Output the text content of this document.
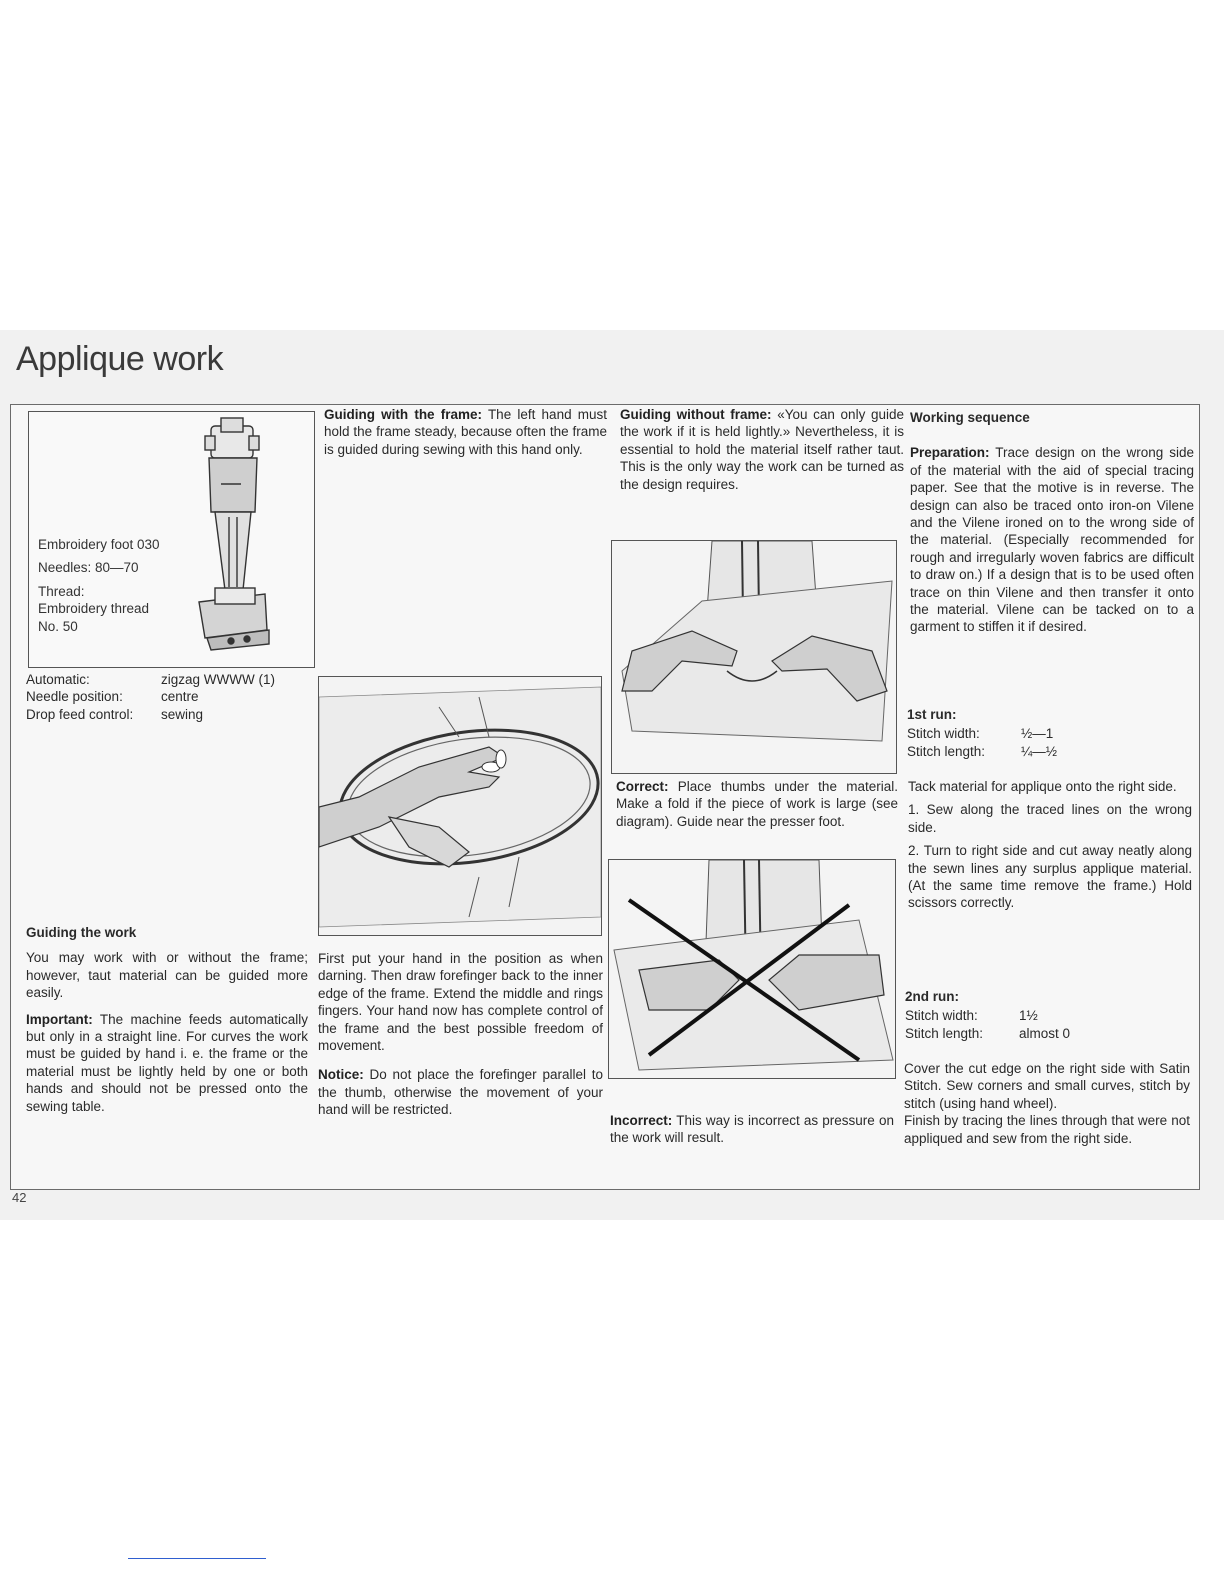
Applique work
Embroidery foot 030
Needles: 80—70
Thread:
Embroidery thread
No. 50
Automatic:	zigzag WWWW (1)
Needle position:	centre
Drop feed control:	sewing

Guiding the work

You may work with or without the frame; however, taut material can be guided more easily.

Important: The machine feeds automatically but only in a straight line. For curves the work must be guided by hand i. e. the frame or the material must be lightly held by one or both hands and should not be pressed onto the sewing table.

Guiding with the frame: The left hand must hold the frame steady, because often the frame is guided during sewing with this hand only.

First put your hand in the position as when darning. Then draw forefinger back to the inner edge of the frame. Extend the middle and rings fingers. Your hand now has complete control of the frame and the best possible freedom of movement.

Notice: Do not place the forefinger parallel to the thumb, otherwise the movement of your hand will be restricted.

Guiding without frame: «You can only guide the work if it is held lightly.» Nevertheless, it is essential to hold the material itself rather taut. This is the only way the work can be turned as the design requires.

Correct: Place thumbs under the material. Make a fold if the piece of work is large (see diagram). Guide near the presser foot.

Incorrect: This way is incorrect as pressure on the work will result.

Working sequence

Preparation: Trace design on the wrong side of the material with the aid of special tracing paper. See that the motive is in reverse. The design can also be traced onto iron-on Vilene and the Vilene ironed on to the wrong side of the material. (Especially recommended for rough and irregularly woven fabrics are difficult to draw on.) If a design that is to be used often trace on thin Vilene and then transfer it onto the material. Vilene can be tacked on to a garment to stiffen it if desired.

1st run:
Stitch width:	½—1
Stitch length:	¼—½

Tack material for applique onto the right side.

1. Sew along the traced lines on the wrong side.

2. Turn to right side and cut away neatly along the sewn lines any surplus applique material. (At the same time remove the frame.) Hold scissors correctly.

2nd run:
Stitch width:	1½
Stitch length:	almost 0

Cover the cut edge on the right side with Satin Stitch. Sew corners and small curves, stitch by stitch (using hand wheel).

Finish by tracing the lines through that were not appliqued and sew from the right side.

42
